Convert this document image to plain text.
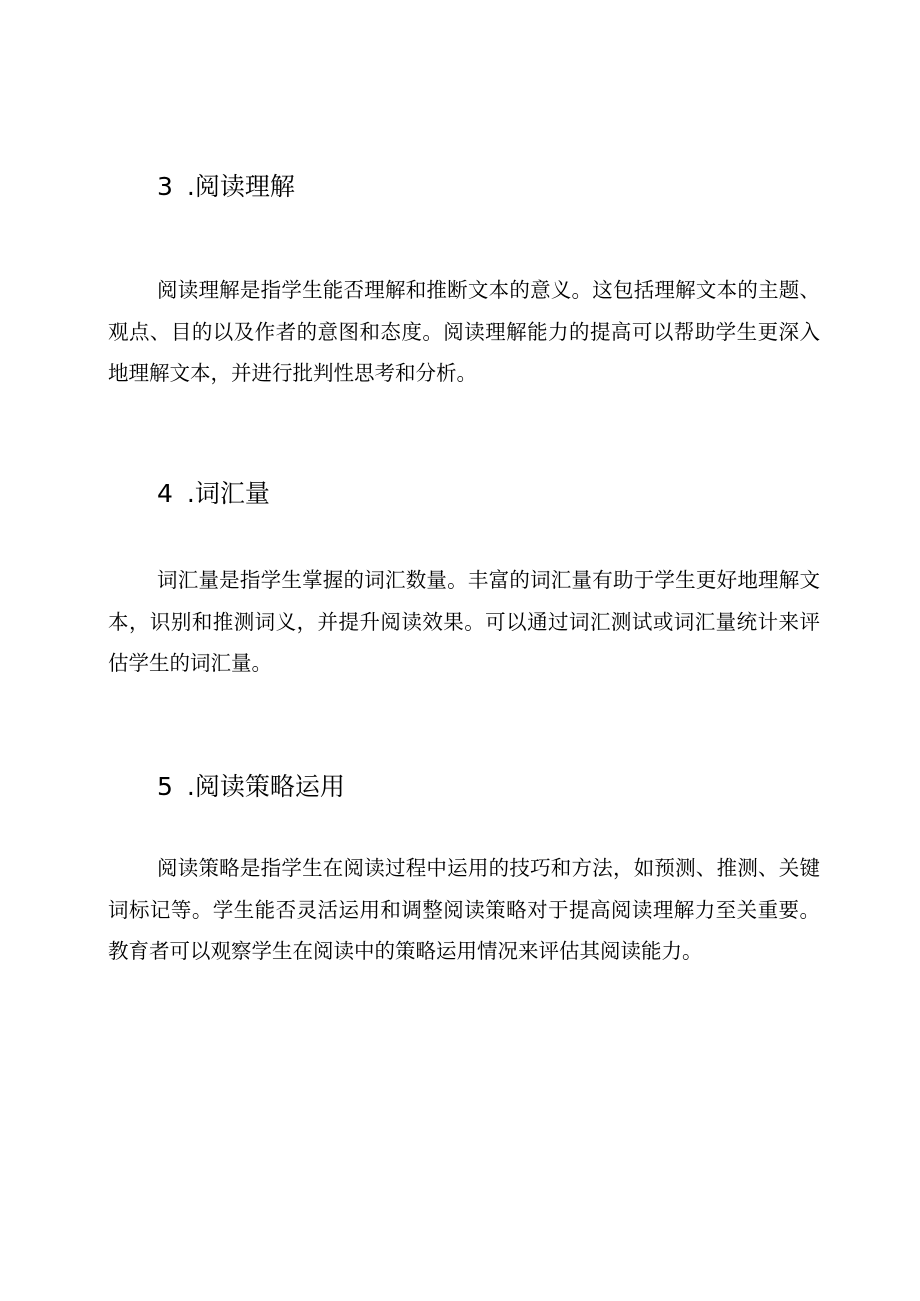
3 .阅读理解

阅读理解是指学生能否理解和推断文本的意义。这包括理解文本的主题、观点、目的以及作者的意图和态度。阅读理解能力的提高可以帮助学生更深入地理解文本，并进行批判性思考和分析。

4 .词汇量

词汇量是指学生掌握的词汇数量。丰富的词汇量有助于学生更好地理解文本，识别和推测词义，并提升阅读效果。可以通过词汇测试或词汇量统计来评估学生的词汇量。

5 .阅读策略运用

阅读策略是指学生在阅读过程中运用的技巧和方法，如预测、推测、关键词标记等。学生能否灵活运用和调整阅读策略对于提高阅读理解力至关重要。教育者可以观察学生在阅读中的策略运用情况来评估其阅读能力。
